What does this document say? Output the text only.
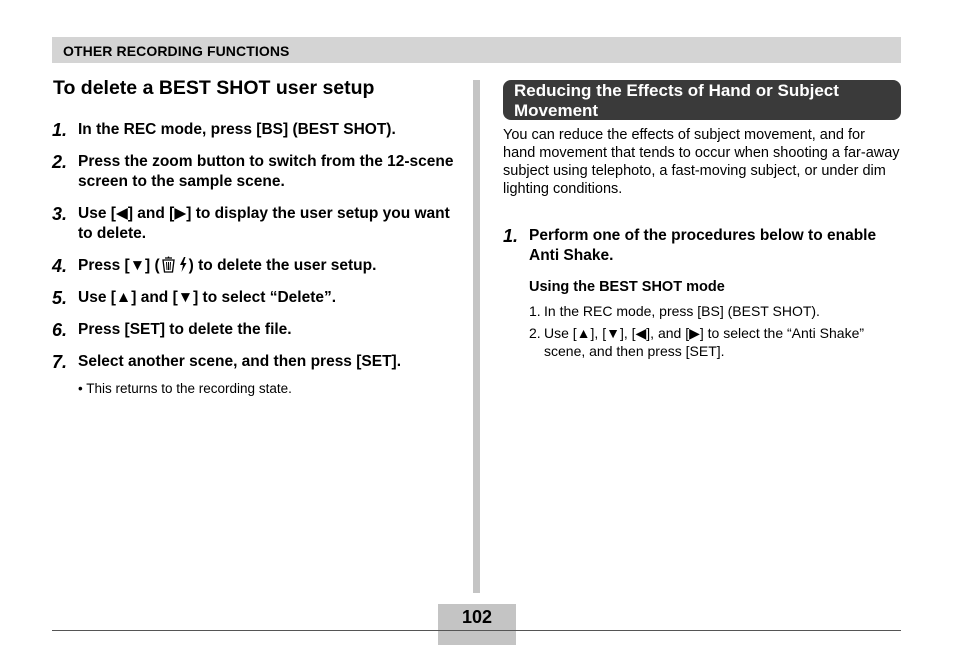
OTHER RECORDING FUNCTIONS
To delete a BEST SHOT user setup
1. In the REC mode, press [BS] (BEST SHOT).
2. Press the zoom button to switch from the 12-scene screen to the sample scene.
3. Use [◀] and [▶] to display the user setup you want to delete.
4. Press [▼] ( ) to delete the user setup.
5. Use [▲] and [▼] to select “Delete”.
6. Press [SET] to delete the file.
7. Select another scene, and then press [SET].
• This returns to the recording state.
Reducing the Effects of Hand or Subject Movement
You can reduce the effects of subject movement, and for hand movement that tends to occur when shooting a far-away subject using telephoto, a fast-moving subject, or under dim lighting conditions.
1. Perform one of the procedures below to enable Anti Shake.
Using the BEST SHOT mode
1. In the REC mode, press [BS] (BEST SHOT).
2. Use [▲], [▼], [◀], and [▶] to select the “Anti Shake” scene, and then press [SET].
102
